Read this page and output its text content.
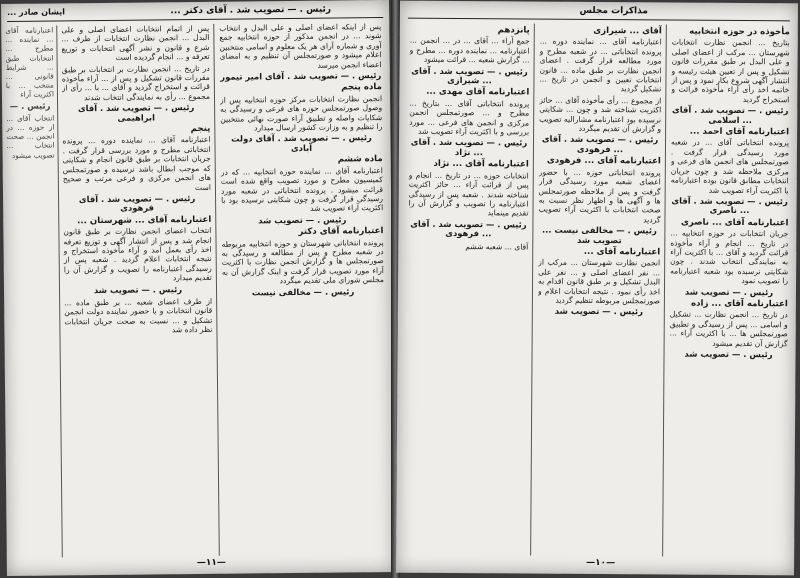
رئیس . — تصویب شد . آقای دکتر ...
ایشان صادر ...

پس از اینکه اعضای اصلی و علی البدل و انتخاب شوند ... در انجمن مذکور از حوزه انتخابیه جمع آوری و شماره آرای هر یک معلوم و اسامی منتخبین اعلام میشود و صورتمجلس آن تنظیم و به امضای اعضاء انجمن میرسد

رئیس . — تصویب شد . آقای امیر تیمور
ماده پنجم

انجمن نظارت انتخابات مرکز حوزه انتخابیه پس از وصول صورتمجلس حوزه های فرعی و رسیدگی به شکایات واصله و تطبیق آراء صورت نهائی منتخبین را تنظیم و به وزارت کشور ارسال میدارد

رئیس . — تصویب شد . آقای دولت آبادی
ماده ششم

اعتبارنامه آقای ... نماینده حوزه انتخابیه ... که در کمیسیون مطرح و مورد تصویب واقع شده است قرائت میشود . پرونده انتخاباتی در شعبه مورد رسیدگی قرار گرفت و چون شکایتی نرسیده بود با اکثریت آراء تصویب شد

رئیس . — تصویب شد
اعتبارنامه آقای دکتر

پرونده انتخاباتی شهرستان و حوزه انتخابیه مربوطه در شعبه مطرح و پس از مطالعه و رسیدگی به صورتمجلس ها و گزارش انجمن نظارت با اکثریت آراء مورد تصویب قرار گرفت و اینک گزارش آن به مجلس شورای ملی تقدیم میگردد

رئیس . — مخالفی نیست

پس از اتمام انتخابات اعضای اصلی و علی البدل ... انجمن نظارت انتخابات از طرف ... شرع و قانون و نشر آگهی انتخابات و توزیع تعرفه و ... انجام گردیده است

در تاریخ ... انجمن نظارت بر انتخابات بر طبق مقررات قانون تشکیل و پس از ... آراء مأخوذه قرائت و استخراج گردید و آقای ... با ... رأی از مجموع ... رأی به نمایندگی انتخاب شدند

رئیس . — تصویب شد . آقای ابراهیمی
پنجم

اعتبارنامه آقای ... نماینده دوره ... پرونده انتخاباتی مطرح و مورد بررسی قرار گرفت . جریان انتخابات بر طبق قانون انجام و شکایتی که موجب ابطال باشد نرسیده و صورتمجلس های انجمن مرکزی و فرعی مرتب و صحیح است

رئیس . — تصویب شد . آقای فرهودی
اعتبارنامه آقای ... شهرستان ...

انتخاب اعضای انجمن نظارت بر طبق قانون انجام شد و پس از انتشار آگهی و توزیع تعرفه اخذ رأی بعمل آمد و آراء مأخوذه استخراج و نتیجه انتخابات اعلام گردید . شعبه پس از رسیدگی اعتبارنامه را تصویب و گزارش آن را تقدیم میدارد

رئیس . — تصویب شد

از طرف اعضای شعبه ... بر طبق ماده ... قانون انتخابات و با حضور نماینده دولت انجمن تشکیل و ... نسبت به صحت جریان انتخابات نظر داده شد

اعتبارنامه آقای ... نماینده ... مطرح ... انتخابات طبق ... شرایط قانونی ... منتخب ... با اکثریت آراء

رئیس . —

انتخاب آقای ... از حوزه ... در انجمن ... صحت انتخاب ... تصویب میشود

—۱۱—
مذاکرات مجلس
مأخوذه در حوزه انتخابیه

بتاریخ ... انجمن نظارت انتخابات شهرستان ... مرکب از اعضای اصلی و علی البدل بر طبق مقررات قانون تشکیل و پس از تعیین هیئت رئیسه و انتشار آگهی شروع بکار نمود و پس از خاتمه اخذ رأی آراء مأخوذه قرائت و استخراج گردید

رئیس . — تصویب شد . آقای ... اسلامی
اعتبارنامه آقای احمد ...

پرونده انتخاباتی آقای ... در شعبه مورد رسیدگی قرار گرفت . صورتمجلس های انجمن های فرعی و مرکزی ملاحظه شد و چون جریان انتخابات مطابق قانون بوده اعتبارنامه با اکثریت آراء تصویب شد

رئیس . — تصویب شد . آقای ... ناصری
اعتبارنامه آقای ... ناصری

جریان انتخابات در حوزه انتخابیه ... در تاریخ ... انجام و آراء مأخوذه قرائت گردید و آقای ... با اکثریت آراء به نمایندگی انتخاب شدند . چون شکایتی نرسیده بود شعبه اعتبارنامه را تصویب نمود

رئیس . — تصویب شد
اعتبارنامه آقای ... زاده

در تاریخ ... انجمن نظارت ... تشکیل و اسامی ... پس از رسیدگی و تطبیق صورتمجلس ها ... با اکثریت آراء ... گزارش آن تقدیم میشود

رئیس . — تصویب شد
آقای ... شیرازی

اعتبارنامه آقای ... نماینده دوره ... پرونده انتخاباتی ... در شعبه مطرح و مورد مطالعه قرار گرفت . اعضای انجمن نظارت بر طبق ماده ... قانون انتخابات تعیین و انجمن در تاریخ ... تشکیل گردید

از مجموع ... رأی مأخوذه آقای ... حائز اکثریت شناخته شد و چون ... شکایتی نرسیده بود اعتبارنامه مشارالیه تصویب و گزارش آن تقدیم میگردد

رئیس . — تصویب شد . آقای ... فرهودی
اعتبارنامه آقای ... فرهودی

پرونده انتخاباتی حوزه ... با حضور اعضای شعبه مورد رسیدگی قرار گرفت و پس از ملاحظه صورتمجلس ها و آگهی ها و اظهار نظر نسبت به صحت انتخابات با اکثریت آراء تصویب گردید

رئیس . — مخالفی نیست ... تصویب شد
اعتبارنامه آقای ...

انجمن نظارت شهرستان ... مرکب از ... نفر اعضای اصلی و ... نفر علی البدل تشکیل و بر طبق قانون اقدام به اخذ رأی نمود . نتیجه انتخابات اعلام و صورتمجلس مربوطه تنظیم گردید

رئیس . — تصویب شد
پانزدهم

جمع آراء ... آقای ... در ... انجمن ... اعتبارنامه ... نماینده دوره ... مطرح و ... گزارش شعبه ... قرائت میشود

رئیس . — تصویب شد . آقای ... شیرازی
اعتبارنامه آقای مهدی ...

پرونده انتخاباتی آقای ... بتاریخ ... مطرح و ... صورتمجلس انجمن مرکزی و انجمن های فرعی ... مورد بررسی و با اکثریت آراء تصویب شد

رئیس . — تصویب شد . آقای ... نژاد
اعتبارنامه آقای ... نژاد

انتخابات حوزه ... در تاریخ ... انجام و پس از قرائت آراء ... حائز اکثریت شناخته شدند . شعبه پس از رسیدگی اعتبارنامه را تصویب و گزارش آن را تقدیم مینماید

رئیس . — تصویب شد . آقای ... فرهودی

آقای ... شعبه ششم

—۱۰—
